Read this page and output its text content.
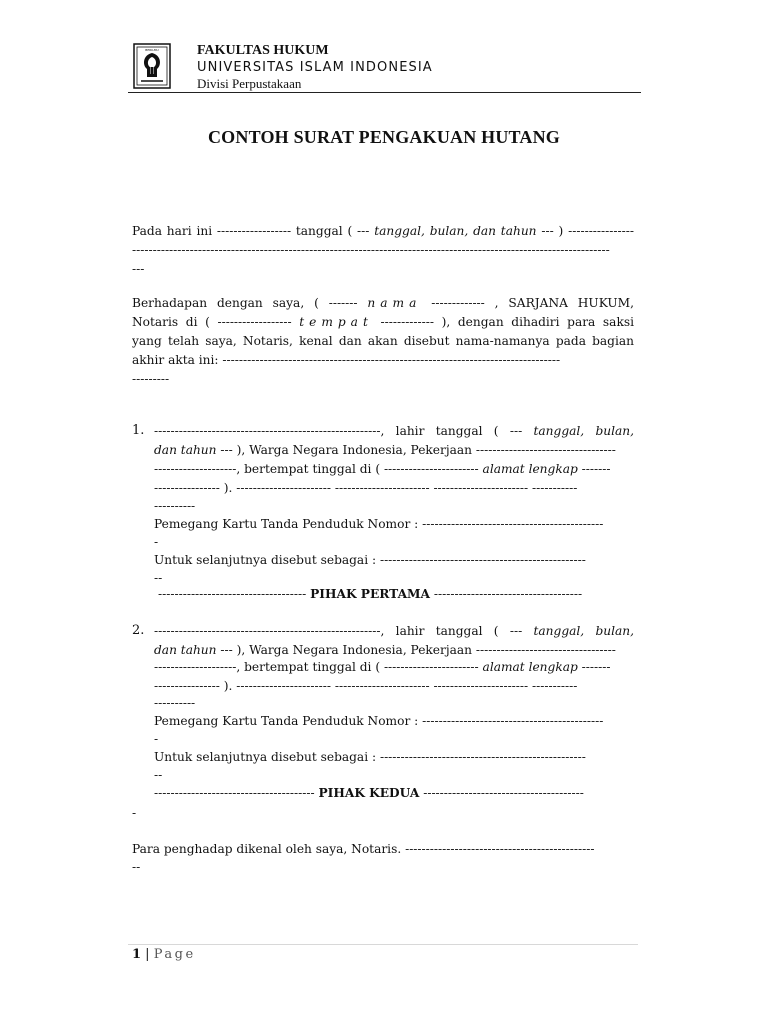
BERILMU	FAKULTAS HUKUM
UNIVERSITAS ISLAM INDONESIA
Divisi Perpustakaan
CONTOH SURAT PENGAKUAN HUTANG
Pada hari ini ------------------ tanggal ( --- tanggal, bulan, dan tahun --- ) ----------------
--------------------------------------------------------------------------------------------------------------------
---
Berhadapan dengan saya, ( ------- nama ------------- , SARJANA HUKUM,
Notaris di ( ------------------ tempat ------------- ), dengan dihadiri para saksi
yang telah saya, Notaris, kenal dan akan disebut nama-namanya pada bagian
akhir akta ini: ----------------------------------------------------------------------------------
---------
1. -------------------------------------------------------, lahir tanggal ( --- tanggal, bulan,
dan tahun --- ), Warga Negara Indonesia, Pekerjaan ----------------------------------
--------------------, bertempat tinggal di ( ----------------------- alamat lengkap -------
---------------- ). ----------------------- ----------------------- ----------------------- -----------
----------
Pemegang Kartu Tanda Penduduk Nomor : --------------------------------------------
-
Untuk selanjutnya disebut sebagai : --------------------------------------------------
--
------------------------------------ PIHAK PERTAMA ------------------------------------
2. -------------------------------------------------------, lahir tanggal ( --- tanggal, bulan,
dan tahun --- ), Warga Negara Indonesia, Pekerjaan ----------------------------------
--------------------, bertempat tinggal di ( ----------------------- alamat lengkap -------
---------------- ). ----------------------- ----------------------- ----------------------- -----------
----------
Pemegang Kartu Tanda Penduduk Nomor : --------------------------------------------
-
Untuk selanjutnya disebut sebagai : --------------------------------------------------
--
--------------------------------------- PIHAK KEDUA ---------------------------------------
-
Para penghadap dikenal oleh saya, Notaris. ----------------------------------------------
--
1 | Page
